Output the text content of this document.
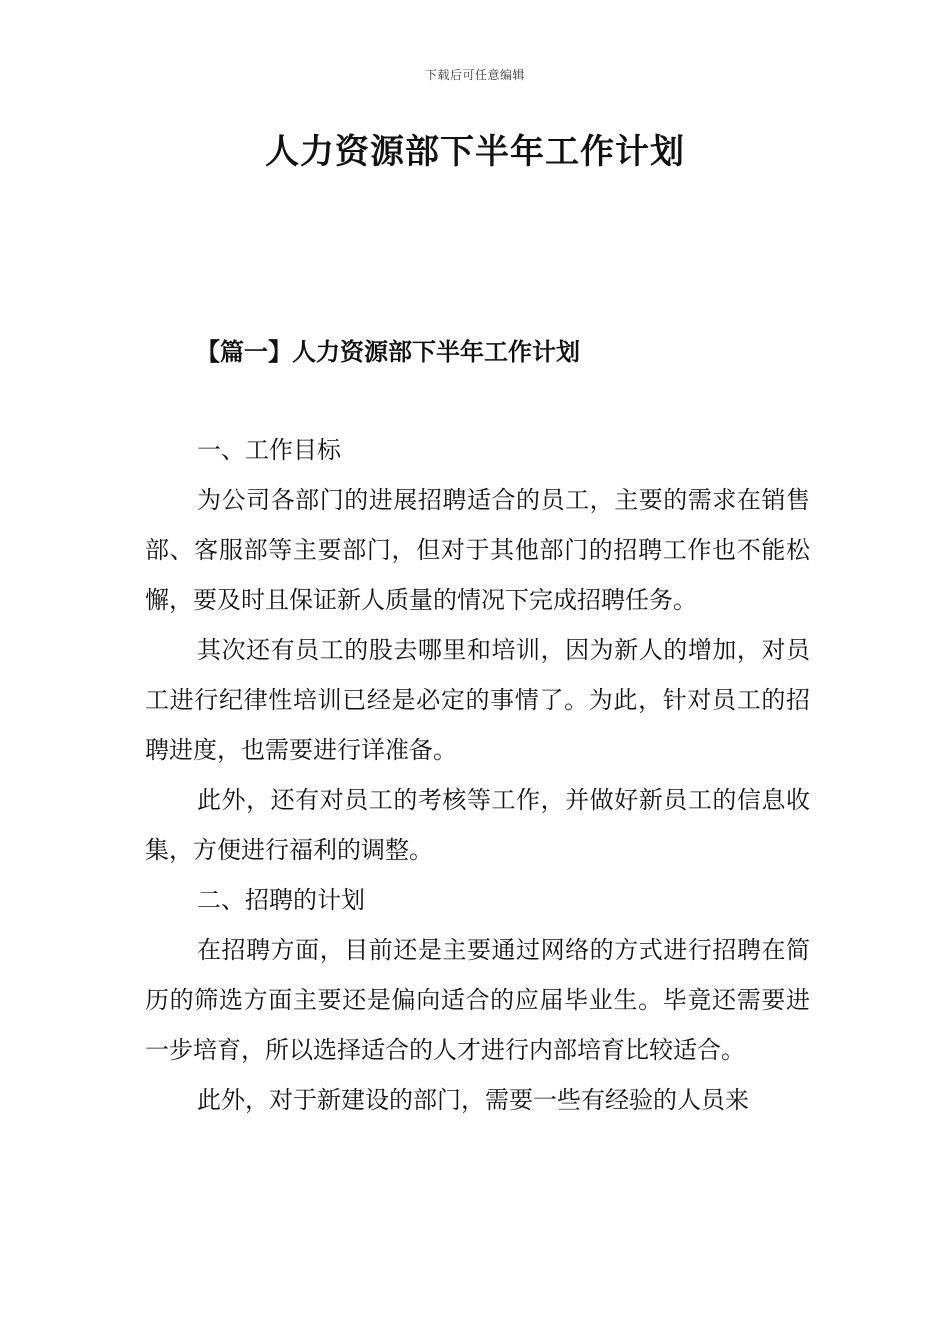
下载后可任意编辑
人力资源部下半年工作计划
【篇一】人力资源部下半年工作计划

一、工作目标

为公司各部门的进展招聘适合的员工，主要的需求在销售部、客服部等主要部门，但对于其他部门的招聘工作也不能松懈，要及时且保证新人质量的情况下完成招聘任务。

其次还有员工的股去哪里和培训，因为新人的增加，对员工进行纪律性培训已经是必定的事情了。为此，针对员工的招聘进度，也需要进行详准备。

此外，还有对员工的考核等工作，并做好新员工的信息收集，方便进行福利的调整。

二、招聘的计划

在招聘方面，目前还是主要通过网络的方式进行招聘在简历的筛选方面主要还是偏向适合的应届毕业生。毕竟还需要进一步培育，所以选择适合的人才进行内部培育比较适合。

此外，对于新建设的部门，需要一些有经验的人员来
